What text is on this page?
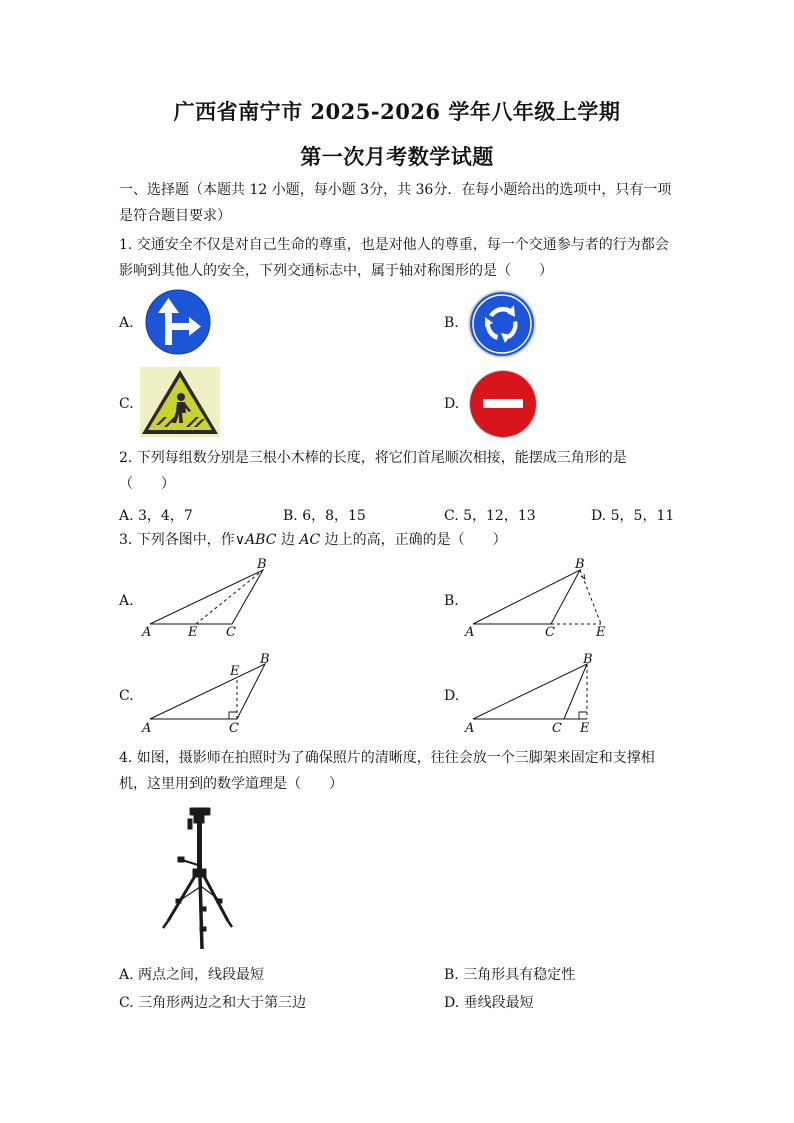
广西省南宁市 2025-2026 学年八年级上学期
第一次月考数学试题
一、选择题（本题共 12 小题，每小题 3分，共 36分．在每小题给出的选项中，只有一项
是符合题目要求）
1. 交通安全不仅是对自己生命的尊重，也是对他人的尊重，每一个交通参与者的行为都会
影响到其他人的安全，下列交通标志中，属于轴对称图形的是（　　）
A.	B.
C.	D.
2. 下列每组数分别是三根小木棒的长度，将它们首尾顺次相接，能摆成三角形的是
（　　）
A. 3，4，7	B. 6，8，15	C. 5，12，13	D. 5，5，11
3. 下列各图中，作∨ABC 边 AC 边上的高，正确的是（　　）
A.
A
B
C
E
B.
A
B
C	E
C.
A
B
C
E
D.
A
B
C E
4. 如图，摄影师在拍照时为了确保照片的清晰度，往往会放一个三脚架来固定和支撑相
机，这里用到的数学道理是（　　）
A. 两点之间，线段最短	B. 三角形具有稳定性
C. 三角形两边之和大于第三边	D. 垂线段最短
